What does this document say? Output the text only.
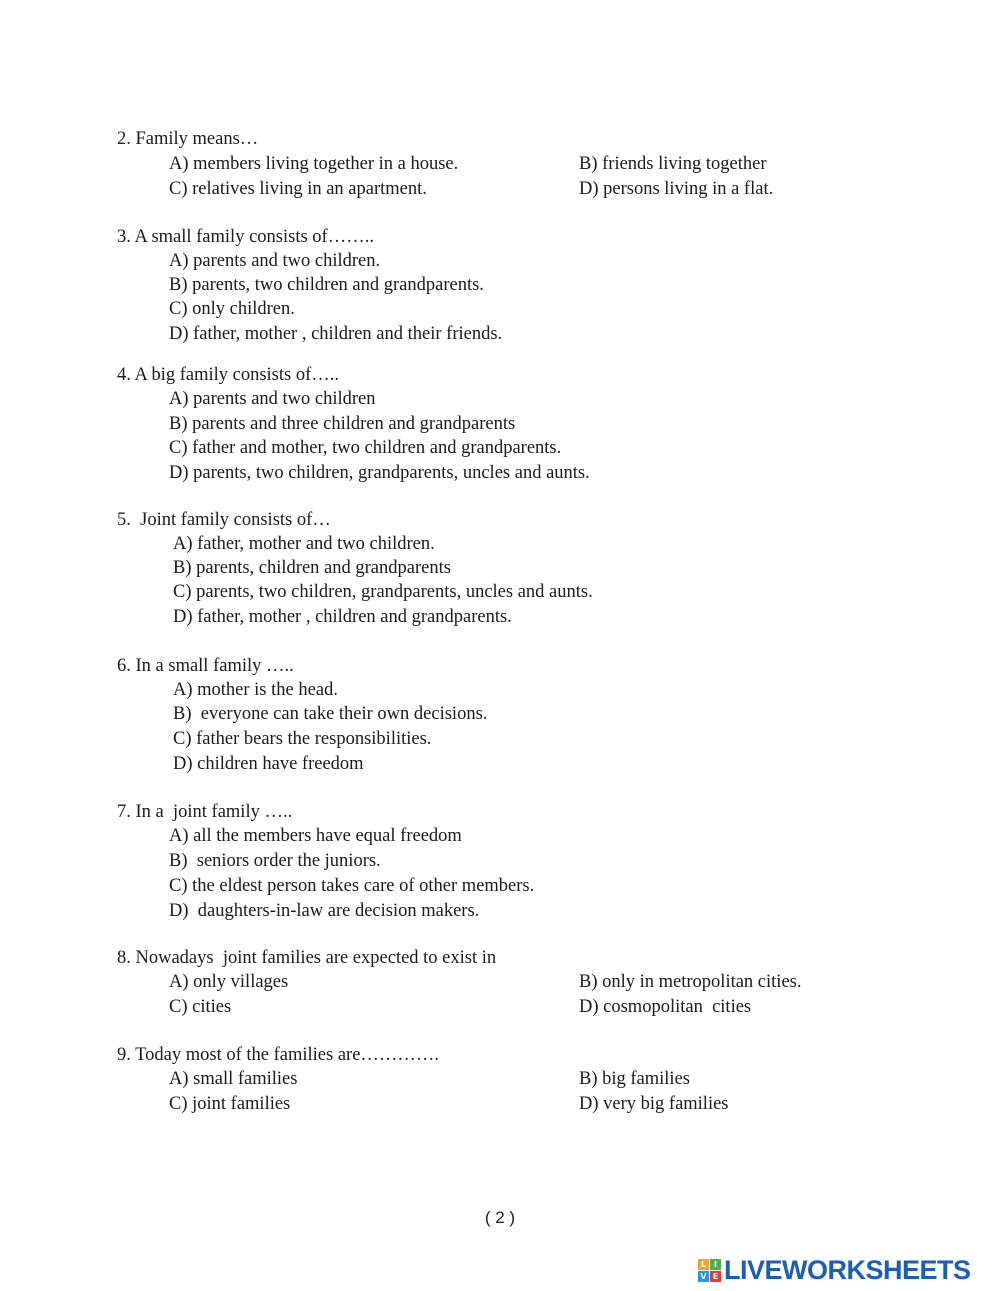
2. Family means…
A) members living together in a house.	B) friends living together
C) relatives living in an apartment.	D) persons living in a flat.
3. A small family consists of……..
A) parents and two children.
B) parents, two children and grandparents.
C) only children.
D) father, mother , children and their friends.
4. A big family consists of…..
A) parents and two children
B) parents and three children and grandparents
C) father and mother, two children and grandparents.
D) parents, two children, grandparents, uncles and aunts.
5.  Joint family consists of…
A) father, mother and two children.
B) parents, children and grandparents
C) parents, two children, grandparents, uncles and aunts.
D) father, mother , children and grandparents.
6. In a small family …..
A) mother is the head.
B)  everyone can take their own decisions.
C) father bears the responsibilities.
D) children have freedom
7. In a  joint family …..
A) all the members have equal freedom
B)  seniors order the juniors.
C) the eldest person takes care of other members.
D)  daughters-in-law are decision makers.
8. Nowadays  joint families are expected to exist in
A) only villages	B) only in metropolitan cities.
C) cities	D) cosmopolitan  cities
9. Today most of the families are………….
A) small families	B) big families
C) joint families	D) very big families
( 2 )
L I
V E LIVEWORKSHEETS
